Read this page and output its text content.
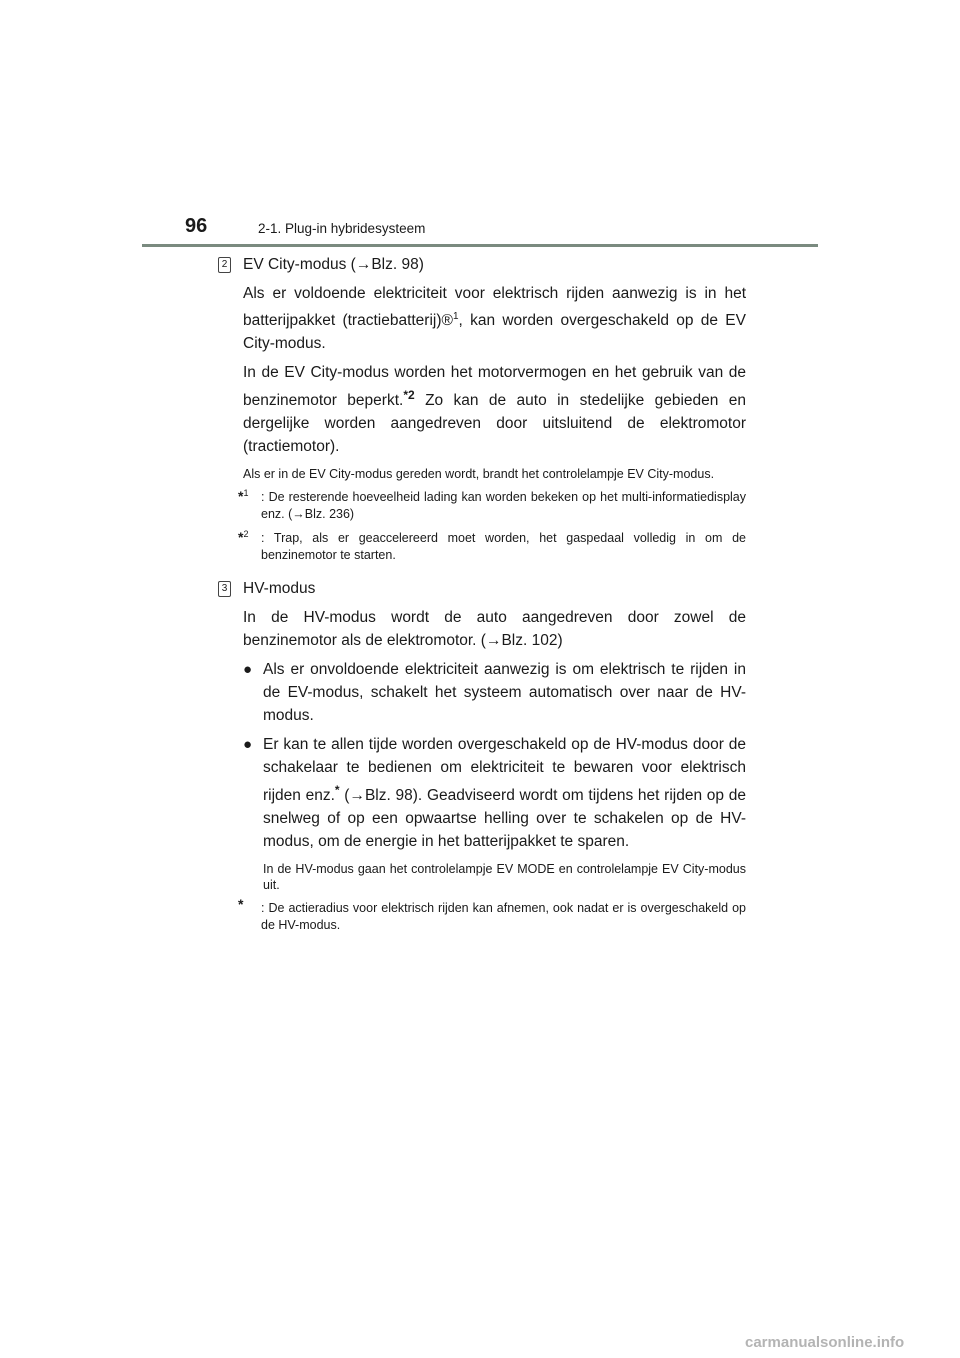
96	2-1. Plug-in hybridesysteem
2 EV City-modus (→Blz. 98)
Als er voldoende elektriciteit voor elektrisch rijden aanwezig is in het batterijpakket (tractiebatterij)®$^1$, kan worden overgeschakeld op de EV City-modus.
In de EV City-modus worden het motorvermogen en het gebruik van de benzinemotor beperkt.$^{*2}$ Zo kan de auto in stedelijke gebieden en dergelijke worden aangedreven door uitsluitend de elektromotor (tractiemotor).
Als er in de EV City-modus gereden wordt, brandt het controlelampje EV City-modus.
*$^1$ : De resterende hoeveelheid lading kan worden bekeken op het multi-informatiedisplay enz. (→Blz. 236)
*$^2$ : Trap, als er geaccelereerd moet worden, het gaspedaal volledig in om de benzinemotor te starten.
3 HV-modus
In de HV-modus wordt de auto aangedreven door zowel de benzinemotor als de elektromotor. (→Blz. 102)
● Als er onvoldoende elektriciteit aanwezig is om elektrisch te rijden in de EV-modus, schakelt het systeem automatisch over naar de HV-modus.
● Er kan te allen tijde worden overgeschakeld op de HV-modus door de schakelaar te bedienen om elektriciteit te bewaren voor elektrisch rijden enz.* (→Blz. 98). Geadviseerd wordt om tijdens het rijden op de snelweg of op een opwaartse helling over te schakelen op de HV-modus, om de energie in het batterijpakket te sparen.
In de HV-modus gaan het controlelampje EV MODE en controlelampje EV City-modus uit.
* : De actieradius voor elektrisch rijden kan afnemen, ook nadat er is overgeschakeld op de HV-modus.
carmanualsonline.info
